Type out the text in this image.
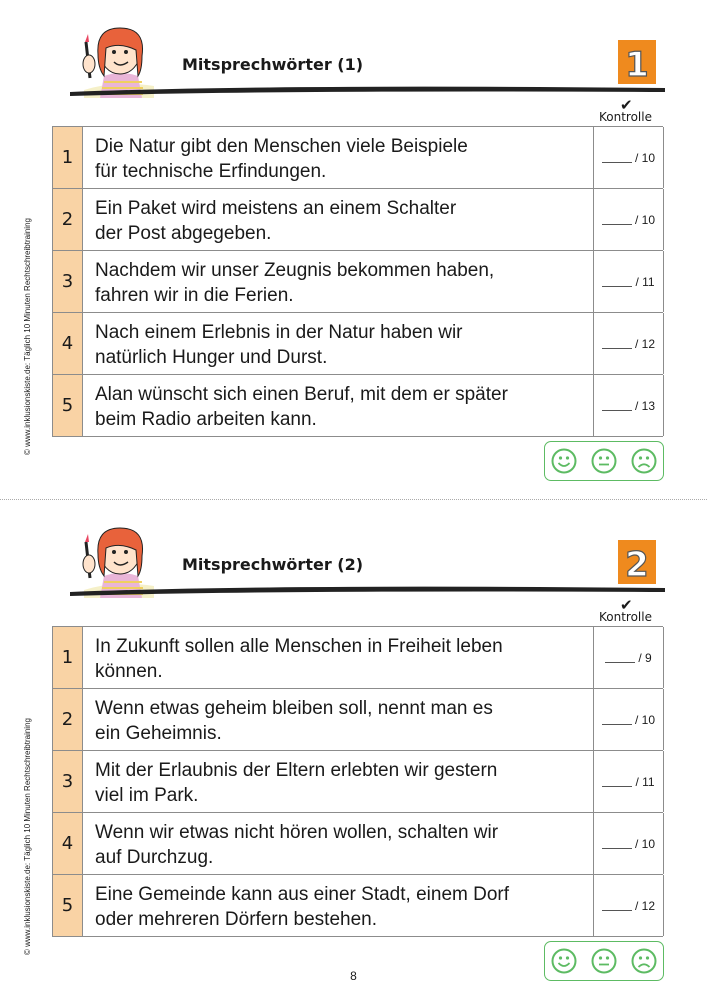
Mitsprechwörter (1)	1
✔
Kontrolle
1
Die Natur gibt den Menschen viele Beispiele
für technische Erfindungen.
/ 10
2
Ein Paket wird meistens an einem Schalter
der Post abgegeben.
/ 10
3
Nachdem wir unser Zeugnis bekommen haben,
fahren wir in die Ferien.
/ 11
4
Nach einem Erlebnis in der Natur haben wir
natürlich Hunger und Durst.
/ 12
5
Alan wünscht sich einen Beruf, mit dem er später
beim Radio arbeiten kann.
/ 13
© www.inklusionskiste.de: Täglich 10 Minuten Rechtschreibtraining
Mitsprechwörter (2)	2
✔
Kontrolle
1
In Zukunft sollen alle Menschen in Freiheit leben
können.
/ 9
2
Wenn etwas geheim bleiben soll, nennt man es
ein Geheimnis.
/ 10
3
Mit der Erlaubnis der Eltern erlebten wir gestern
viel im Park.
/ 11
4
Wenn wir etwas nicht hören wollen, schalten wir
auf Durchzug.
/ 10
5
Eine Gemeinde kann aus einer Stadt, einem Dorf
oder mehreren Dörfern bestehen.
/ 12
© www.inklusionskiste.de: Täglich 10 Minuten Rechtschreibtraining
8
